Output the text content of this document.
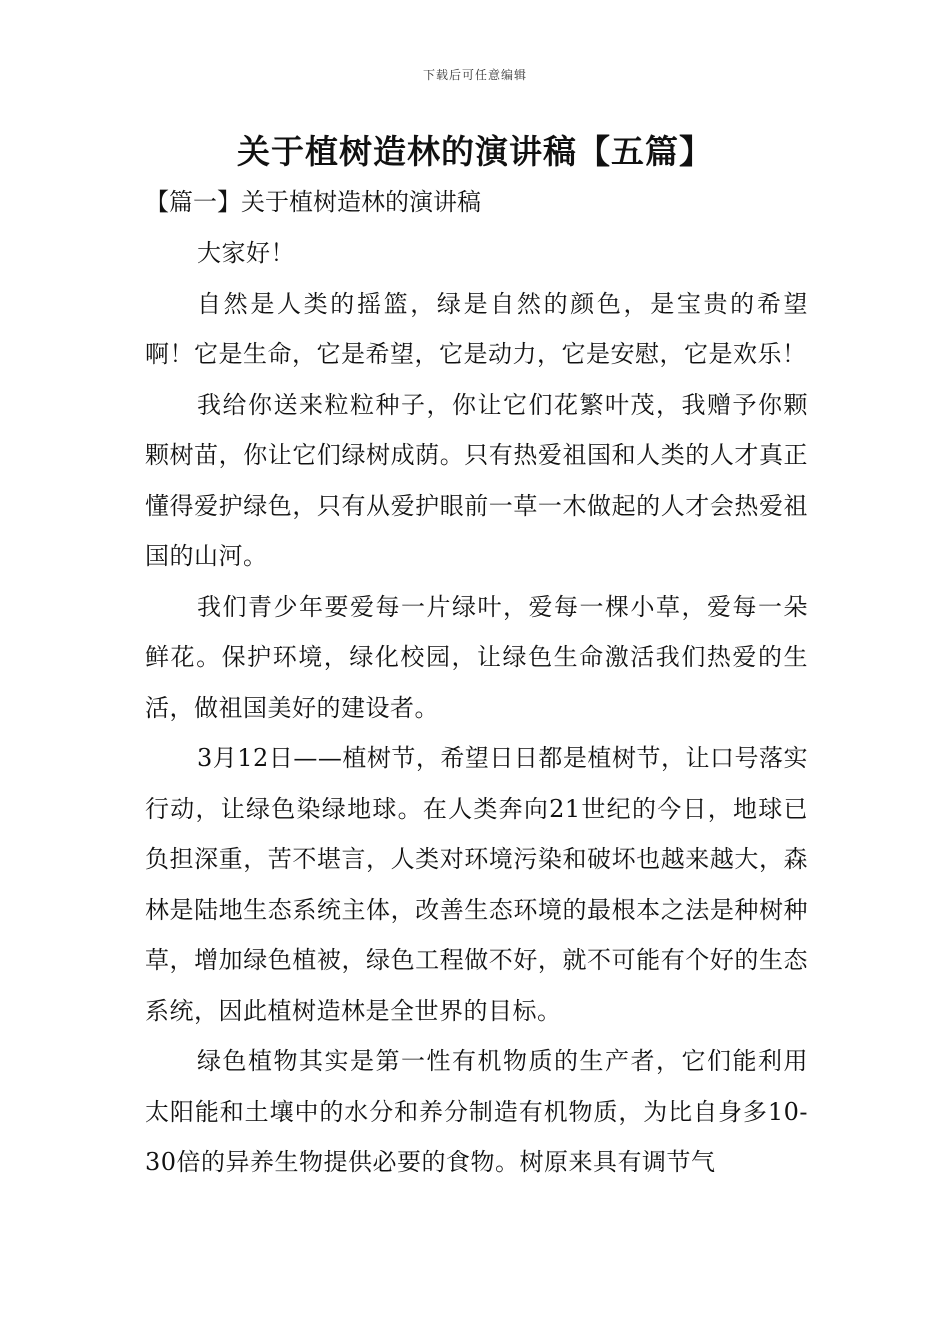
下载后可任意编辑
关于植树造林的演讲稿【五篇】
【篇一】关于植树造林的演讲稿

大家好！

自然是人类的摇篮，绿是自然的颜色，是宝贵的希望啊！它是生命，它是希望，它是动力，它是安慰，它是欢乐！

我给你送来粒粒种子，你让它们花繁叶茂，我赠予你颗颗树苗，你让它们绿树成荫。只有热爱祖国和人类的人才真正懂得爱护绿色，只有从爱护眼前一草一木做起的人才会热爱祖国的山河。

我们青少年要爱每一片绿叶，爱每一棵小草，爱每一朵鲜花。保护环境，绿化校园，让绿色生命激活我们热爱的生活，做祖国美好的建设者。

3月12日——植树节，希望日日都是植树节，让口号落实行动，让绿色染绿地球。在人类奔向21世纪的今日，地球已负担深重，苦不堪言，人类对环境污染和破坏也越来越大，森林是陆地生态系统主体，改善生态环境的最根本之法是种树种草，增加绿色植被，绿色工程做不好，就不可能有个好的生态系统，因此植树造林是全世界的目标。

绿色植物其实是第一性有机物质的生产者，它们能利用太阳能和土壤中的水分和养分制造有机物质，为比自身多10-30倍的异养生物提供必要的食物。树原来具有调节气
